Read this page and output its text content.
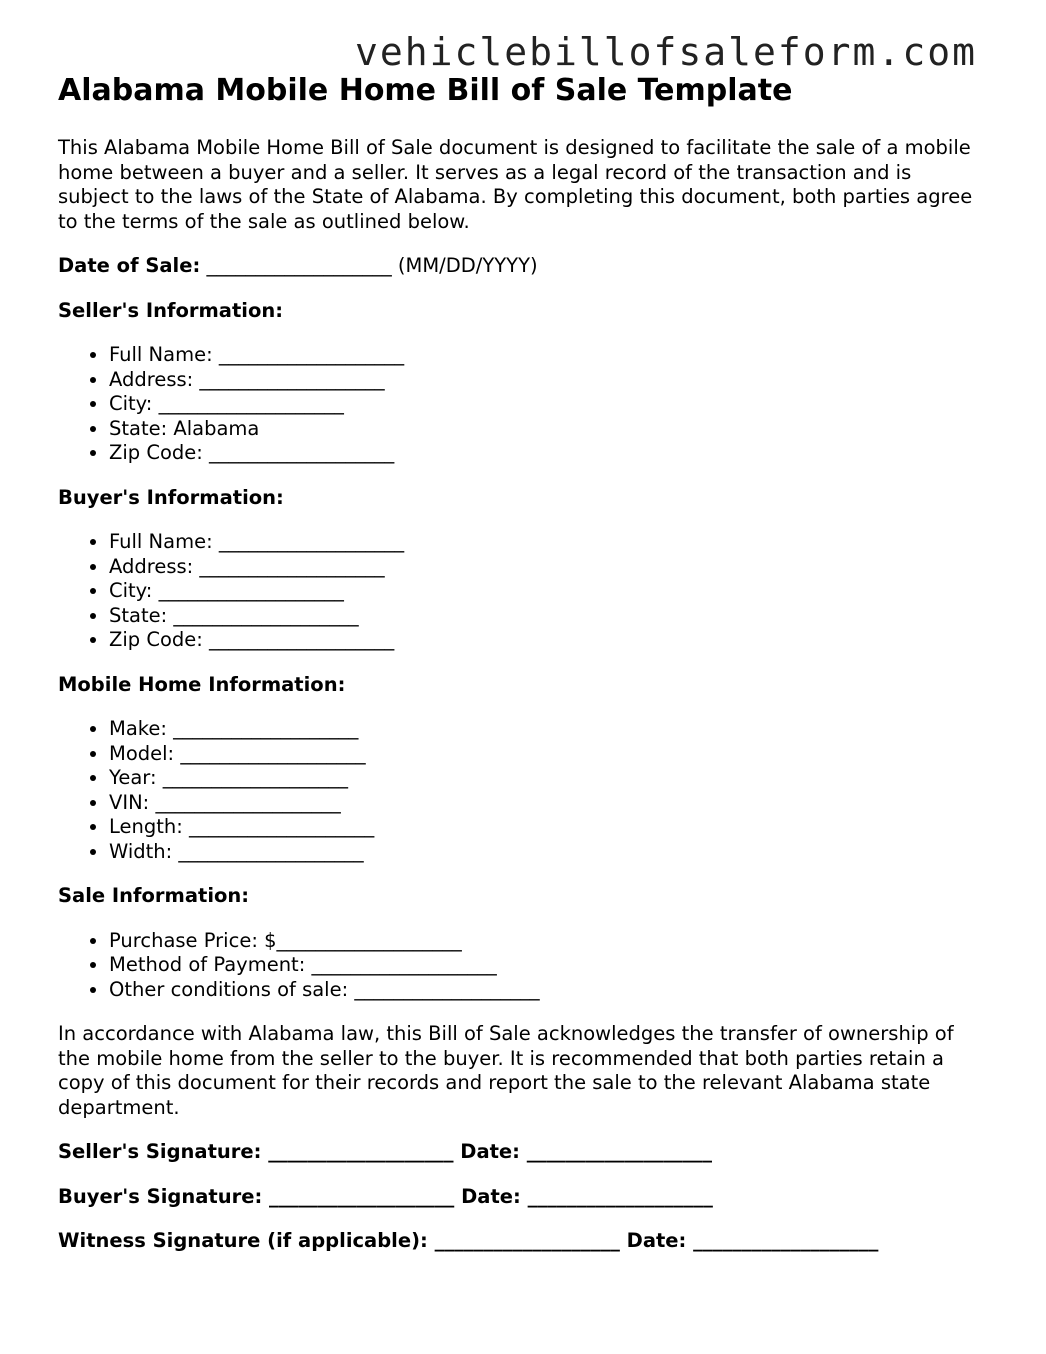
vehiclebillofsaleform.com
Alabama Mobile Home Bill of Sale Template

This Alabama Mobile Home Bill of Sale document is designed to facilitate the sale of a mobile home between a buyer and a seller. It serves as a legal record of the transaction and is subject to the laws of the State of Alabama. By completing this document, both parties agree to the terms of the sale as outlined below.

Date of Sale: ___________________ (MM/DD/YYYY)
Seller's Information:
• Full Name: ___________________
• Address: ___________________
• City: ___________________
• State: Alabama
• Zip Code: ___________________
Buyer's Information:
• Full Name: ___________________
• Address: ___________________
• City: ___________________
• State: ___________________
• Zip Code: ___________________
Mobile Home Information:
• Make: ___________________
• Model: ___________________
• Year: ___________________
• VIN: ___________________
• Length: ___________________
• Width: ___________________
Sale Information:
• Purchase Price: $___________________
• Method of Payment: ___________________
• Other conditions of sale: ___________________

In accordance with Alabama law, this Bill of Sale acknowledges the transfer of ownership of the mobile home from the seller to the buyer. It is recommended that both parties retain a copy of this document for their records and report the sale to the relevant Alabama state department.

Seller's Signature: ___________________ Date: ___________________
Buyer's Signature: ___________________ Date: ___________________
Witness Signature (if applicable): ___________________ Date: ___________________
